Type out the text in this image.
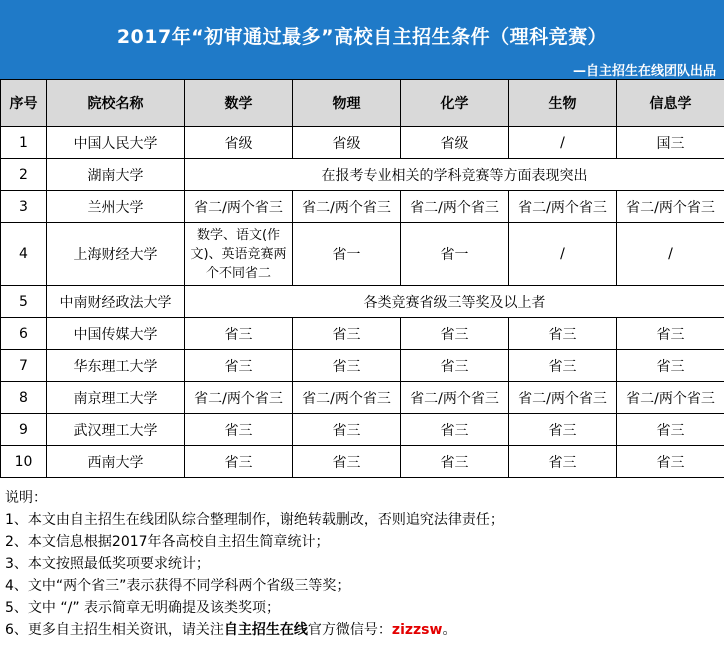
2017年“初审通过最多”高校自主招生条件（理科竞赛）
—自主招生在线团队出品
序号	院校名称	数学	物理	化学	生物	信息学
1	中国人民大学	省级	省级	省级	/	国三
2	湖南大学	在报考专业相关的学科竞赛等方面表现突出				
3	兰州大学	省二/两个省三	省二/两个省三	省二/两个省三	省二/两个省三	省二/两个省三
4	上海财经大学	数学、语文(作文)、英语竞赛两个不同省二	省一	省一	/	/
5	中南财经政法大学	各类竞赛省级三等奖及以上者				
6	中国传媒大学	省三	省三	省三	省三	省三
7	华东理工大学	省三	省三	省三	省三	省三
8	南京理工大学	省二/两个省三	省二/两个省三	省二/两个省三	省二/两个省三	省二/两个省三
9	武汉理工大学	省三	省三	省三	省三	省三
10	西南大学	省三	省三	省三	省三	省三
说明：
1、本文由自主招生在线团队综合整理制作，谢绝转载删改，否则追究法律责任；
2、本文信息根据2017年各高校自主招生简章统计；
3、本文按照最低奖项要求统计；
4、文中“两个省三”表示获得不同学科两个省级三等奖；
5、文中 “/” 表示简章无明确提及该类奖项；
6、更多自主招生相关资讯，请关注自主招生在线官方微信号：zizzsw。
